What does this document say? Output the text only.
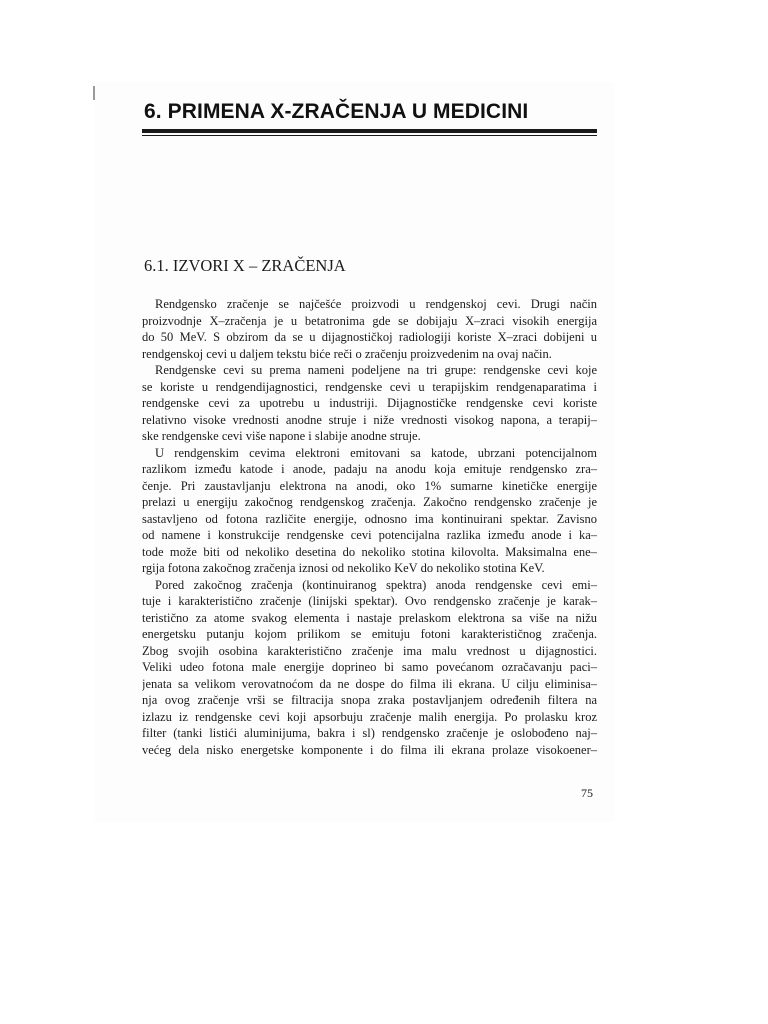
6. PRIMENA X-ZRAČENJA U MEDICINI
6.1. IZVORI X – ZRAČENJA
Rendgensko zračenje se najčešće proizvodi u rendgenskoj cevi. Drugi način
proizvodnje X–zračenja je u betatronima gde se dobijaju X–zraci visokih energija
do 50 MeV. S obzirom da se u dijagnostičkoj radiologiji koriste X–zraci dobijeni u
rendgenskoj cevi u daljem tekstu biće reči o zračenju proizvedenim na ovaj način.
Rendgenske cevi su prema nameni podeljene na tri grupe: rendgenske cevi koje
se koriste u rendgendijagnostici, rendgenske cevi u terapijskim rendgenaparatima i
rendgenske cevi za upotrebu u industriji. Dijagnostičke rendgenske cevi koriste
relativno visoke vrednosti anodne struje i niže vrednosti visokog napona, a terapij–
ske rendgenske cevi više napone i slabije anodne struje.
U rendgenskim cevima elektroni emitovani sa katode, ubrzani potencijalnom
razlikom između katode i anode, padaju na anodu koja emituje rendgensko zra–
čenje. Pri zaustavljanju elektrona na anodi, oko 1% sumarne kinetičke energije
prelazi u energiju zakočnog rendgenskog zračenja. Zakočno rendgensko zračenje je
sastavljeno od fotona različite energije, odnosno ima kontinuirani spektar. Zavisno
od namene i konstrukcije rendgenske cevi potencijalna razlika između anode i ka–
tode može biti od nekoliko desetina do nekoliko stotina kilovolta. Maksimalna ene–
rgija fotona zakočnog zračenja iznosi od nekoliko KeV do nekoliko stotina KeV.
Pored zakočnog zračenja (kontinuiranog spektra) anoda rendgenske cevi emi–
tuje i karakteristično zračenje (linijski spektar). Ovo rendgensko zračenje je karak–
terističnо za atome svakog elementa i nastaje prelaskom elektrona sa više na nižu
energetsku putanju kojom prilikom se emituju fotoni karakterističnog zračenja.
Zbog svojih osobina karakteristično zračenje ima malu vrednost u dijagnostici.
Veliki udeo fotona male energije doprineo bi samo povećanom ozračavanju paci–
jenata sa velikom verovatnoćom da ne dospe do filma ili ekrana. U cilju eliminisa–
nja ovog zračenje vrši se filtracija snopa zraka postavljanjem određenih filtera na
izlazu iz rendgenske cevi koji apsorbuju zračenje malih energija. Po prolasku kroz
filter (tanki listići aluminijuma, bakra i sl) rendgensko zračenje je oslobođeno naj–
većeg dela nisko energetske komponente i do filma ili ekrana prolaze visokoener–
75
